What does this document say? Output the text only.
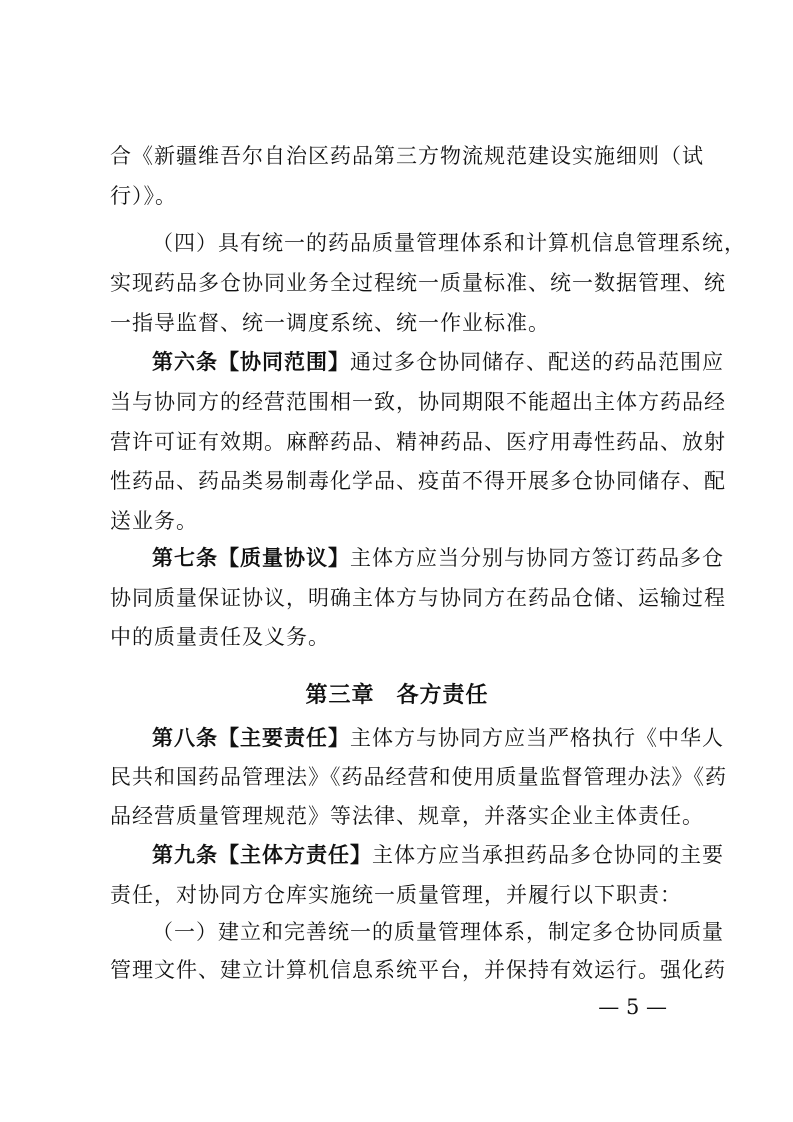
合《新疆维吾尔自治区药品第三方物流规范建设实施细则（试
行）》。
（四）具有统一的药品质量管理体系和计算机信息管理系统，
实现药品多仓协同业务全过程统一质量标准、统一数据管理、统
一指导监督、统一调度系统、统一作业标准。
第六条【协同范围】通过多仓协同储存、配送的药品范围应
当与协同方的经营范围相一致，协同期限不能超出主体方药品经
营许可证有效期。麻醉药品、精神药品、医疗用毒性药品、放射
性药品、药品类易制毒化学品、疫苗不得开展多仓协同储存、配
送业务。
第七条【质量协议】主体方应当分别与协同方签订药品多仓
协同质量保证协议，明确主体方与协同方在药品仓储、运输过程
中的质量责任及义务。
第三章 各方责任
第八条【主要责任】主体方与协同方应当严格执行《中华人
民共和国药品管理法》《药品经营和使用质量监督管理办法》《药
品经营质量管理规范》等法律、规章，并落实企业主体责任。
第九条【主体方责任】主体方应当承担药品多仓协同的主要
责任，对协同方仓库实施统一质量管理，并履行以下职责：
（一）建立和完善统一的质量管理体系，制定多仓协同质量
管理文件、建立计算机信息系统平台，并保持有效运行。强化药
— 5 —
